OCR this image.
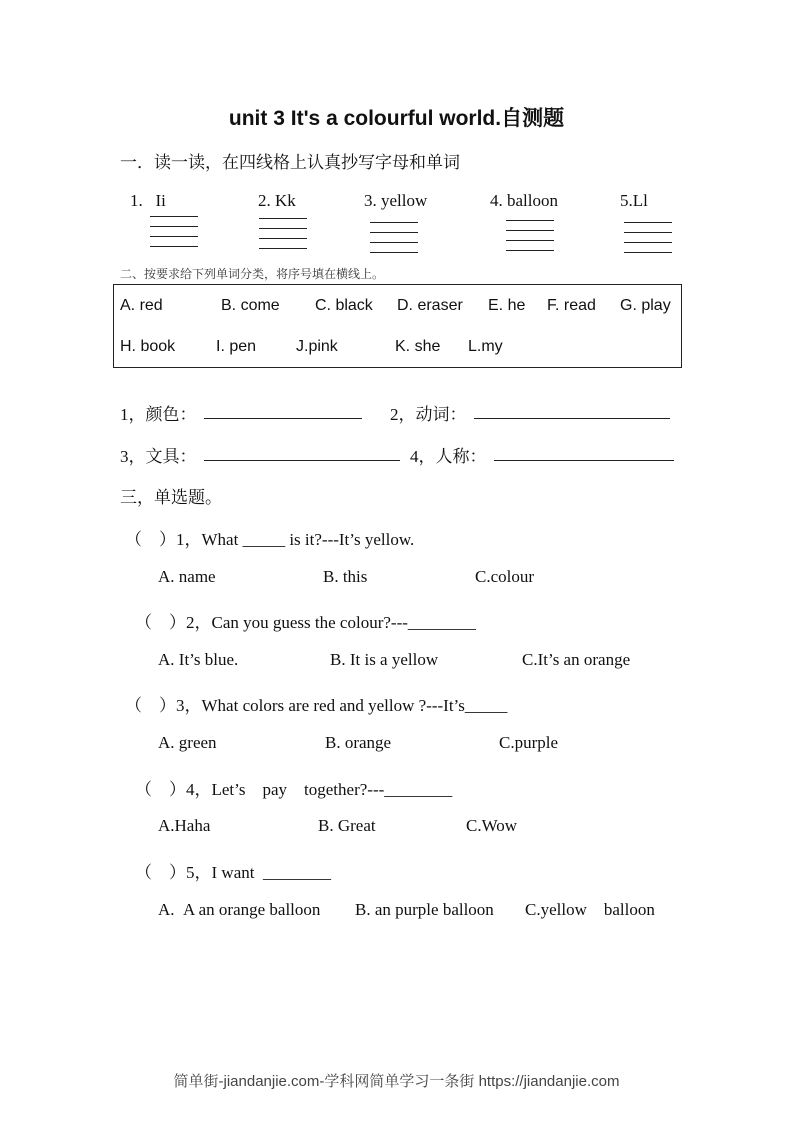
unit 3 It's a colourful world.自测题
一．读一读，在四线格上认真抄写字母和单词
1.   Ii	2. Kk	3. yellow	4. balloon	5.Ll
二、按要求给下列单词分类，将序号填在横线上。
A. red	B. come C. black D. eraser E. he F. read G. play
H. book	I. pen J.pink	K. she L.my
1，颜色：	2，动词：
3，文具：	4，人称：
三，单选题。
（    ）1，What _____ is it?---It’s yellow.
A. name	B. this	C.colour
（    ）2，Can you guess the colour?---________
A. It’s blue.	B. It is a yellow	C.It’s an orange
（    ）3，What colors are red and yellow ?---It’s_____
A. green	B. orange	C.purple
（    ）4，Let’s    pay    together?---________
A.Haha	B. Great	C.Wow
（    ）5，I want  ________
A.  A an orange balloon B. an purple balloon C.yellow    balloon
简单街-jiandanjie.com-学科网简单学习一条街 https://jiandanjie.com
